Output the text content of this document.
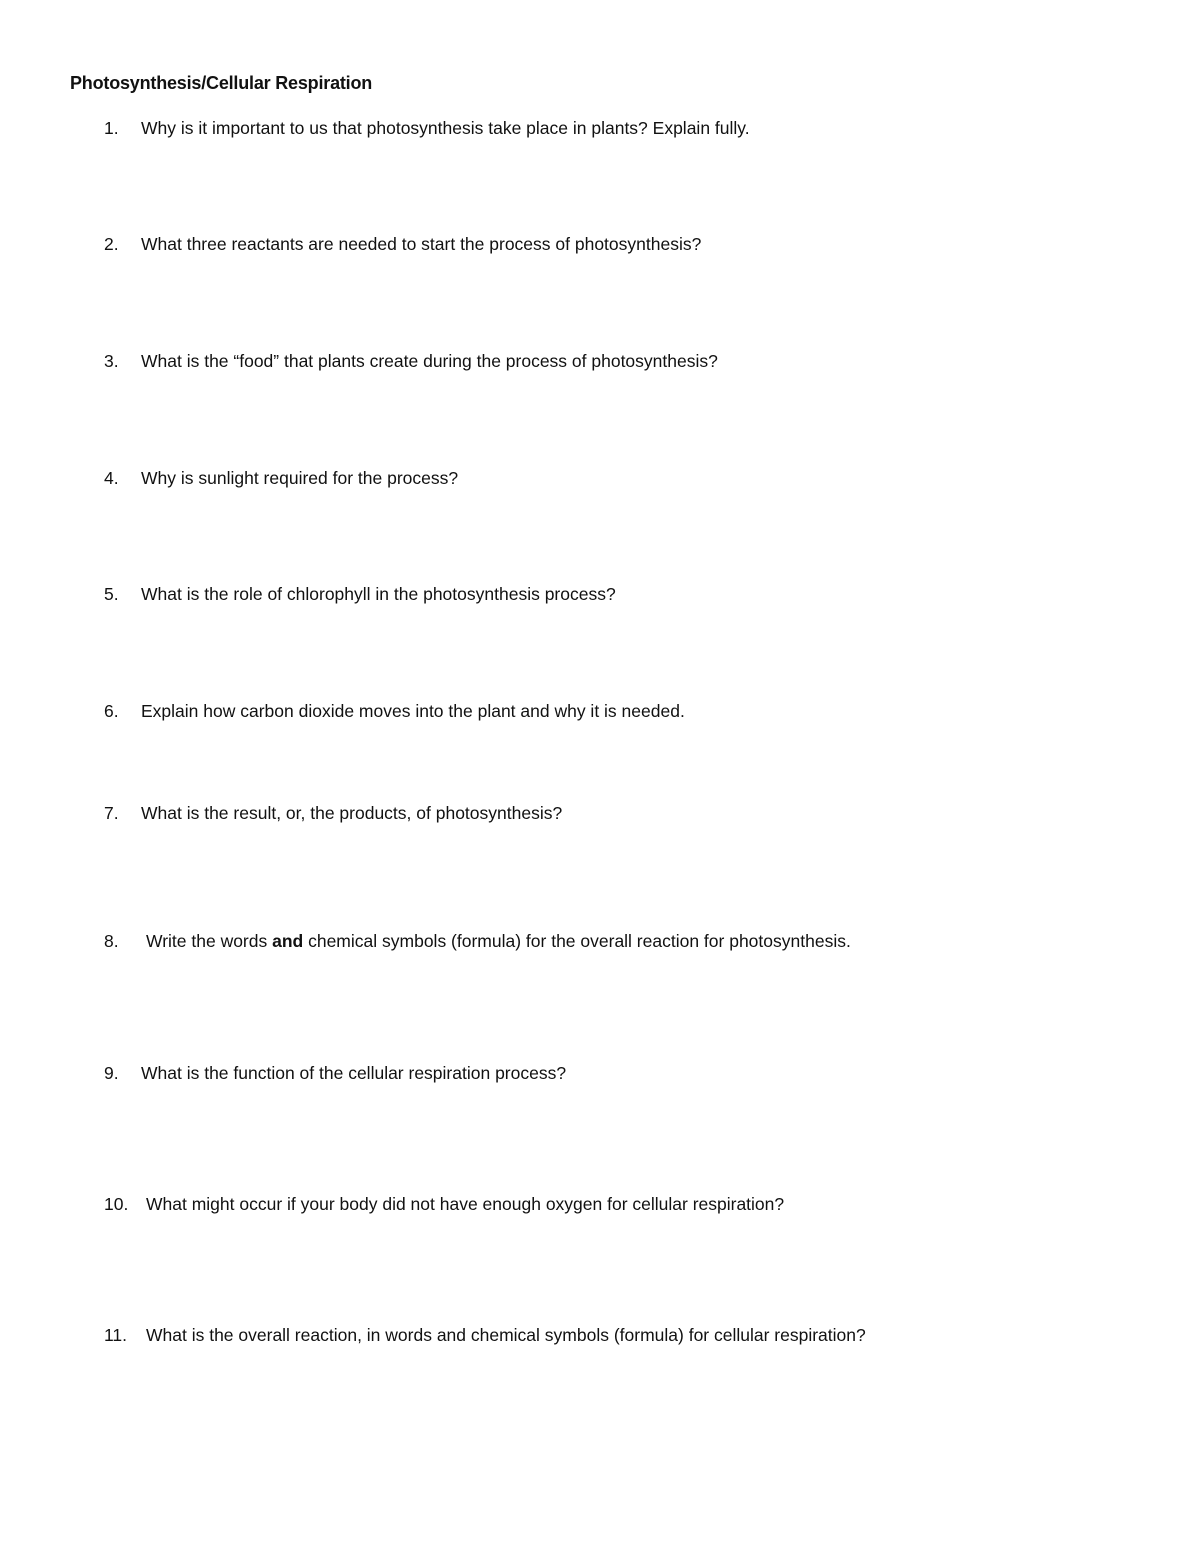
Photosynthesis/Cellular Respiration
1.	Why is it important to us that photosynthesis take place in plants? Explain fully.
2.	What three reactants are needed to start the process of photosynthesis?
3.	What is the “food” that plants create during the process of photosynthesis?
4.	Why is sunlight required for the process?
5.	What is the role of chlorophyll in the photosynthesis process?
6.	Explain how carbon dioxide moves into the plant and why it is needed.
7.	What is the result, or, the products, of photosynthesis?
8.	Write the words and chemical symbols (formula) for the overall reaction for photosynthesis.
9.	What is the function of the cellular respiration process?
10.	What might occur if your body did not have enough oxygen for cellular respiration?
11.	What is the overall reaction, in words and chemical symbols (formula) for cellular respiration?
